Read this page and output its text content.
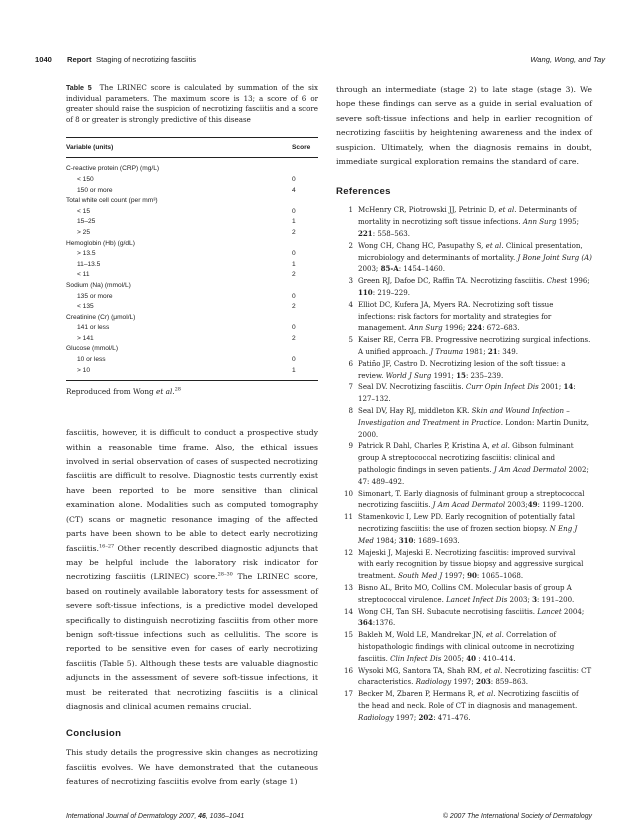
1040 Report Staging of necrotizing fasciitis	Wang, Wong, and Tay

Table 5 The LRINEC score is calculated by summation of the six individual parameters. The maximum score is 13; a score of 6 or greater should raise the suspicion of necrotizing fasciitis and a score of 8 or greater is strongly predictive of this disease

Variable (units)	Score
C-reactive protein (CRP) (mg/L)
< 150	0
150 or more	4
Total white cell count (per mm³)
< 15	0
15–25	1
> 25	2
Hemoglobin (Hb) (g/dL)
> 13.5	0
11–13.5	1
< 11	2
Sodium (Na) (mmol/L)
135 or more	0
< 135	2
Creatinine (Cr) (μmol/L)
141 or less	0
> 141	2
Glucose (mmol/L)
10 or less	0
> 10	1
Reproduced from Wong et al.$^{28}$

fasciitis, however, it is difficult to conduct a prospective study within a reasonable time frame. Also, the ethical issues involved in serial observation of cases of suspected necrotizing fasciitis are difficult to resolve. Diagnostic tests currently exist have been reported to be more sensitive than clinical examination alone. Modalities such as computed tomography (CT) scans or magnetic resonance imaging of the affected parts have been shown to be able to detect early necrotizing fasciitis.$^{16-27}$ Other recently described diagnostic adjuncts that may be helpful include the laboratory risk indicator for necrotizing fasciitis (LRINEC) score.$^{28-30}$ The LRINEC score, based on routinely available laboratory tests for assessment of severe soft-tissue infections, is a predictive model developed specifically to distinguish necrotizing fasciitis from other more benign soft-tissue infections such as cellulitis. The score is reported to be sensitive even for cases of early necrotizing fasciitis (Table 5). Although these tests are valuable diagnostic adjuncts in the assessment of severe soft-tissue infections, it must be reiterated that necrotizing fasciitis is a clinical diagnosis and clinical acumen remains crucial.

Conclusion

This study details the progressive skin changes as necrotizing fasciitis evolves. We have demonstrated that the cutaneous features of necrotizing fasciitis evolve from early (stage 1)

through an intermediate (stage 2) to late stage (stage 3). We hope these findings can serve as a guide in serial evaluation of severe soft-tissue infections and help in earlier recognition of necrotizing fasciitis by heightening awareness and the index of suspicion. Ultimately, when the diagnosis remains in doubt, immediate surgical exploration remains the standard of care.

References
1 McHenry CR, Piotrowski JJ, Petrinic D, et al. Determinants of mortality in necrotizing soft tissue infections. Ann Surg 1995; 221: 558–563.
2 Wong CH, Chang HC, Pasupathy S, et al. Clinical presentation, microbiology and determinants of mortality. J Bone Joint Surg (A) 2003; 85-A: 1454–1460.
3 Green RJ, Dafoe DC, Raffin TA. Necrotizing fasciitis. Chest 1996; 110: 219–229.
4 Elliot DC, Kufera JA, Myers RA. Necrotizing soft tissue infections: risk factors for mortality and strategies for management. Ann Surg 1996; 224: 672–683.
5 Kaiser RE, Cerra FB. Progressive necrotizing surgical infections. A unified approach. J Trauma 1981; 21: 349.
6 Patiño JF, Castro D. Necrotizing lesion of the soft tissue: a review. World J Surg 1991; 15: 235–239.
7 Seal DV. Necrotizing fasciitis. Curr Opin Infect Dis 2001; 14: 127–132.
8 Seal DV, Hay RJ, middleton KR. Skin and Wound Infection – Investigation and Treatment in Practice. London: Martin Dunitz, 2000.
9 Patrick R Dahl, Charles P, Kristina A, et al. Gibson fulminant group A streptococcal necrotizing fasciitis: clinical and pathologic findings in seven patients. J Am Acad Dermatol 2002; 47: 489–492.
10 Simonart, T. Early diagnosis of fulminant group a streptococcal necrotizing fasciitis. J Am Acad Dermatol 2003;49: 1199–1200.
11 Stamenkovic I, Lew PD. Early recognition of potentially fatal necrotizing fasciitis: the use of frozen section biopsy. N Eng J Med 1984; 310: 1689–1693.
12 Majeski J, Majeski E. Necrotizing fasciitis: improved survival with early recognition by tissue biopsy and aggressive surgical treatment. South Med J 1997; 90: 1065–1068.
13 Bisno AL, Brito MO, Collins CM. Molecular basis of group A streptococcal virulence. Lancet Infect Dis 2003; 3: 191–200.
14 Wong CH, Tan SH. Subacute necrotising fasciitis. Lancet 2004; 364:1376.
15 Bakleh M, Wold LE, Mandrekar JN, et al. Correlation of histopathologic findings with clinical outcome in necrotizing fasciitis. Clin Infect Dis 2005; 40 : 410–414.
16 Wysoki MG, Santora TA, Shah RM, et al. Necrotizing fasciitis: CT characteristics. Radiology 1997; 203: 859–863.
17 Becker M, Zbaren P, Hermans R, et al. Necrotizing fasciitis of the head and neck. Role of CT in diagnosis and management. Radiology 1997; 202: 471–476.
International Journal of Dermatology 2007, 46, 1036–1041	© 2007 The International Society of Dermatology
